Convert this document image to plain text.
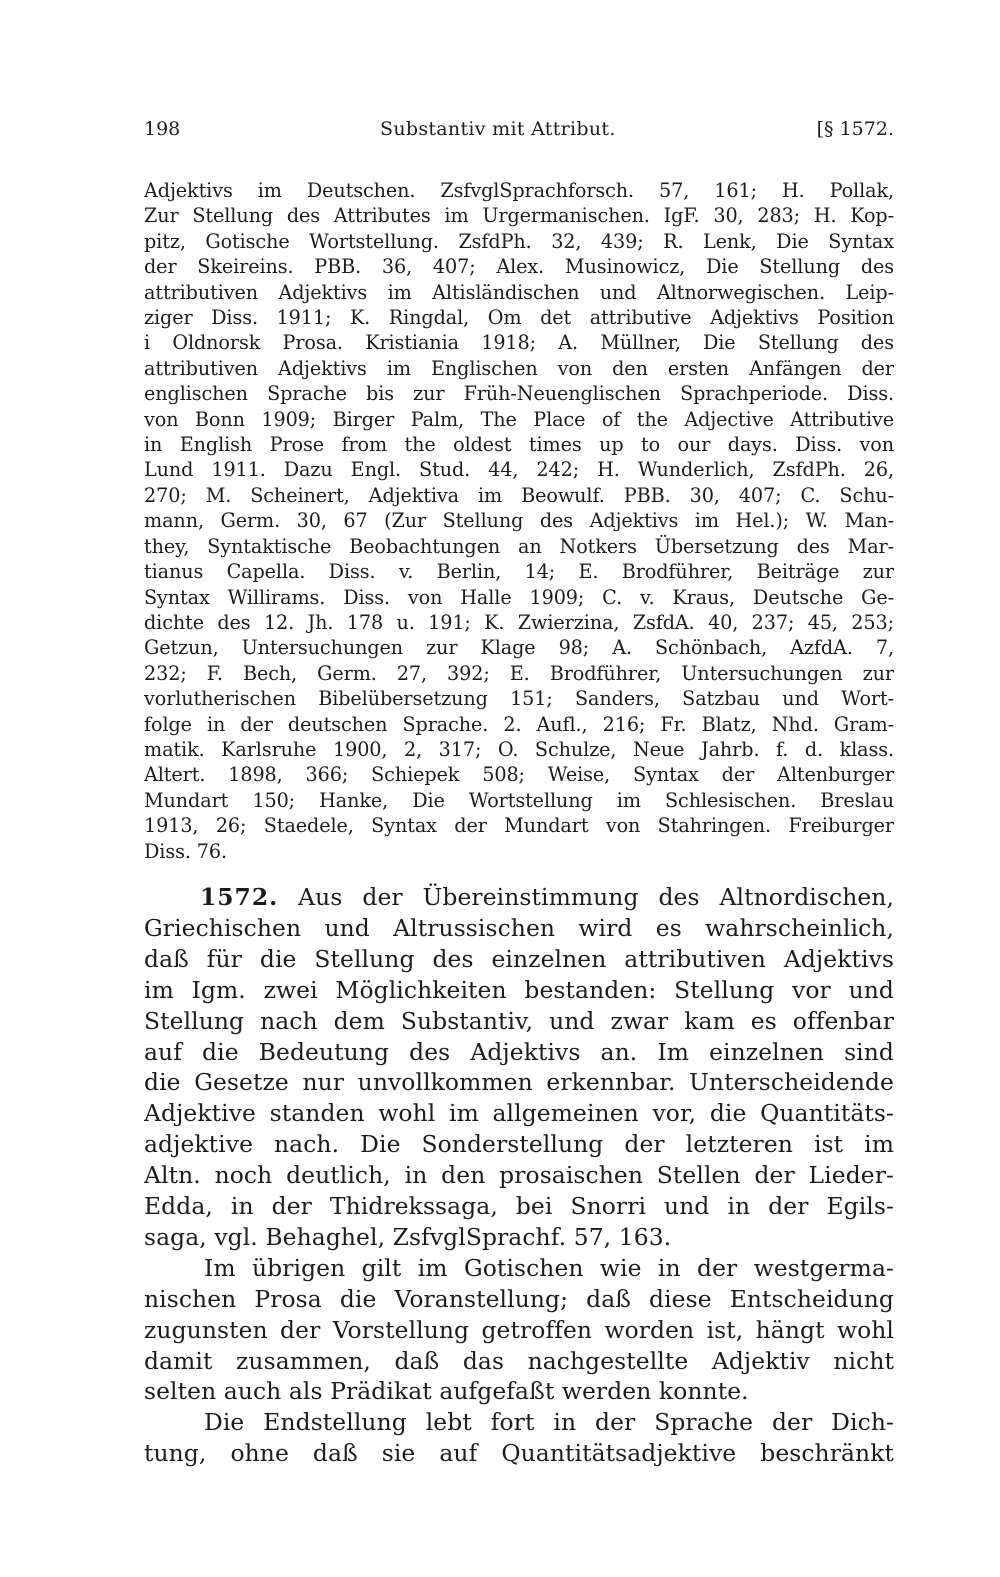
198	Substantiv mit Attribut.	[§ 1572.
Adjektivs im Deutschen. ZsfvglSprachforsch. 57, 161; H. Pollak,
Zur Stellung des Attributes im Urgermanischen. IgF. 30, 283; H. Kop-
pitz, Gotische Wortstellung. ZsfdPh. 32, 439; R. Lenk, Die Syntax
der Skeireins. PBB. 36, 407; Alex. Musinowicz, Die Stellung des
attributiven Adjektivs im Altisländischen und Altnorwegischen. Leip-
ziger Diss. 1911; K. Ringdal, Om det attributive Adjektivs Position
i Oldnorsk Prosa. Kristiania 1918; A. Müllner, Die Stellung des
attributiven Adjektivs im Englischen von den ersten Anfängen der
englischen Sprache bis zur Früh-Neuenglischen Sprachperiode. Diss.
von Bonn 1909; Birger Palm, The Place of the Adjective Attributive
in English Prose from the oldest times up to our days. Diss. von
Lund 1911. Dazu Engl. Stud. 44, 242; H. Wunderlich, ZsfdPh. 26,
270; M. Scheinert, Adjektiva im Beowulf. PBB. 30, 407; C. Schu-
mann, Germ. 30, 67 (Zur Stellung des Adjektivs im Hel.); W. Man-
they, Syntaktische Beobachtungen an Notkers Übersetzung des Mar-
tianus Capella. Diss. v. Berlin, 14; E. Brodführer, Beiträge zur
Syntax Willirams. Diss. von Halle 1909; C. v. Kraus, Deutsche Ge-
dichte des 12. Jh. 178 u. 191; K. Zwierzina, ZsfdA. 40, 237; 45, 253;
Getzun, Untersuchungen zur Klage 98; A. Schönbach, AzfdA. 7,
232; F. Bech, Germ. 27, 392; E. Brodführer, Untersuchungen zur
vorlutherischen Bibelübersetzung 151; Sanders, Satzbau und Wort-
folge in der deutschen Sprache. 2. Aufl., 216; Fr. Blatz, Nhd. Gram-
matik. Karlsruhe 1900, 2, 317; O. Schulze, Neue Jahrb. f. d. klass.
Altert. 1898, 366; Schiepek 508; Weise, Syntax der Altenburger
Mundart 150; Hanke, Die Wortstellung im Schlesischen. Breslau
1913, 26; Staedele, Syntax der Mundart von Stahringen. Freiburger
Diss. 76.
1572. Aus der Übereinstimmung des Altnordischen,
Griechischen und Altrussischen wird es wahrscheinlich,
daß für die Stellung des einzelnen attributiven Adjektivs
im Igm. zwei Möglichkeiten bestanden: Stellung vor und
Stellung nach dem Substantiv, und zwar kam es offenbar
auf die Bedeutung des Adjektivs an. Im einzelnen sind
die Gesetze nur unvollkommen erkennbar. Unterscheidende
Adjektive standen wohl im allgemeinen vor, die Quantitäts-
adjektive nach. Die Sonderstellung der letzteren ist im
Altn. noch deutlich, in den prosaischen Stellen der Lieder-
Edda, in der Thidrekssaga, bei Snorri und in der Egils-
saga, vgl. Behaghel, ZsfvglSprachf. 57, 163.
Im übrigen gilt im Gotischen wie in der westgerma-
nischen Prosa die Voranstellung; daß diese Entscheidung
zugunsten der Vorstellung getroffen worden ist, hängt wohl
damit zusammen, daß das nachgestellte Adjektiv nicht
selten auch als Prädikat aufgefaßt werden konnte.
Die Endstellung lebt fort in der Sprache der Dich-
tung, ohne daß sie auf Quantitätsadjektive beschränkt
